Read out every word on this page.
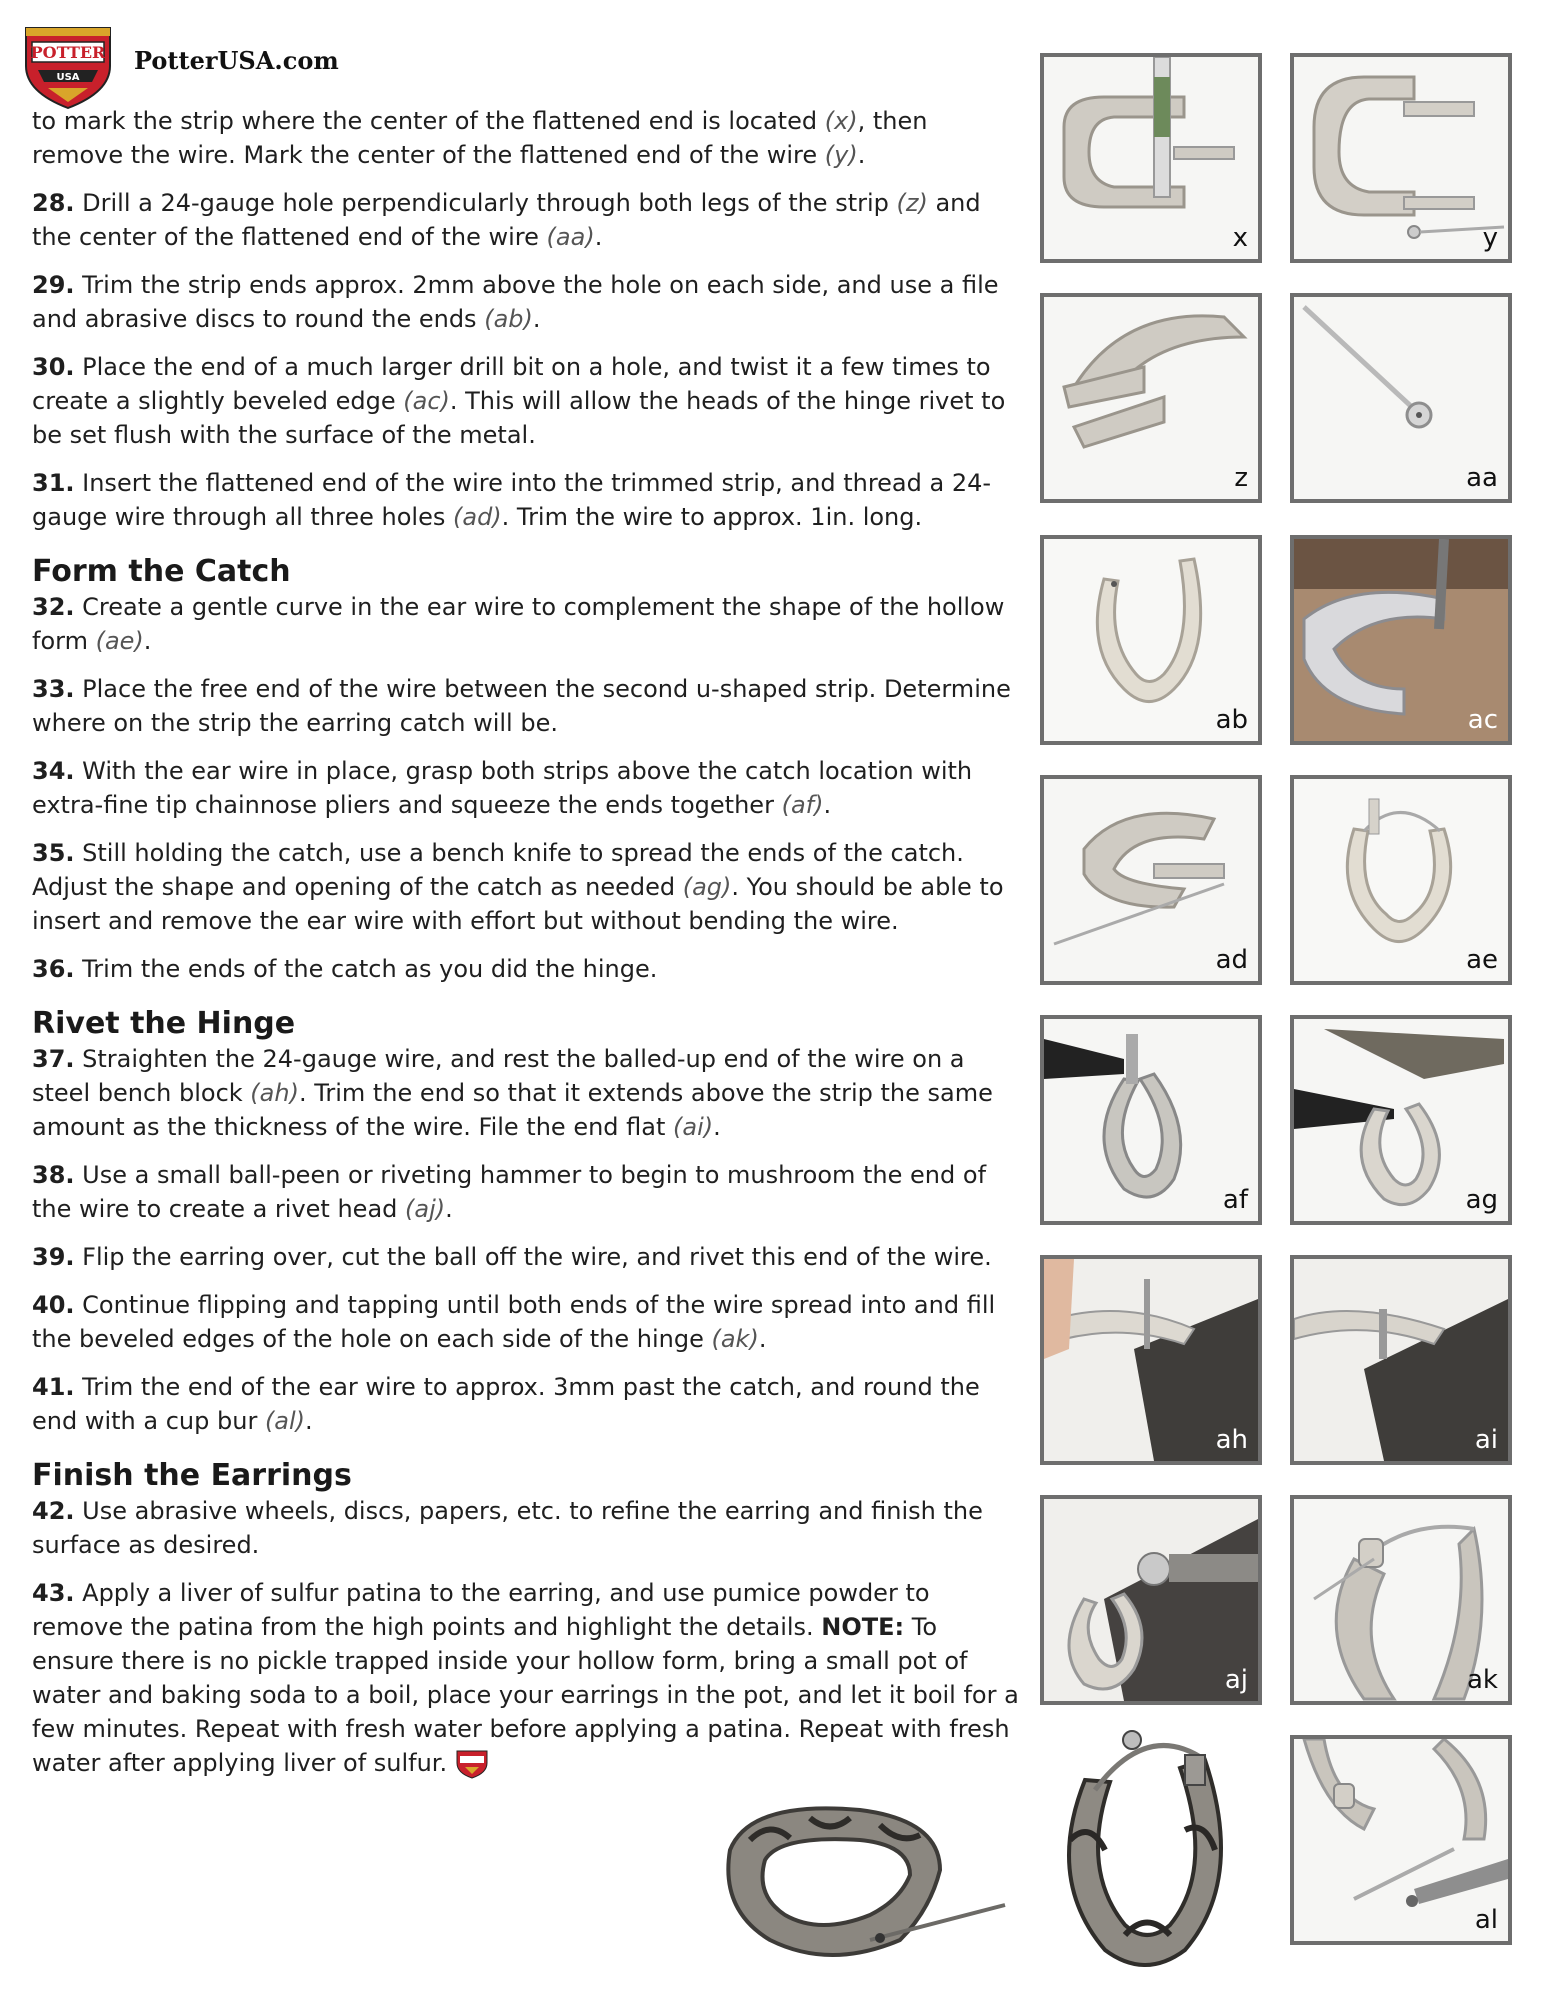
POTTER
USA
PotterUSA.com

to mark the strip where the center of the flattened end is located (x), then remove the wire. Mark the center of the flattened end of the wire (y).

28. Drill a 24-gauge hole perpendicularly through both legs of the strip (z) and the center of the flattened end of the wire (aa).

29. Trim the strip ends approx. 2mm above the hole on each side, and use a file and abrasive discs to round the ends (ab).

30. Place the end of a much larger drill bit on a hole, and twist it a few times to create a slightly beveled edge (ac). This will allow the heads of the hinge rivet to be set flush with the surface of the metal.

31. Insert the flattened end of the wire into the trimmed strip, and thread a 24-gauge wire through all three holes (ad). Trim the wire to approx. 1in. long.

Form the Catch

32. Create a gentle curve in the ear wire to complement the shape of the hollow form (ae).

33. Place the free end of the wire between the second u-shaped strip. Determine where on the strip the earring catch will be.

34. With the ear wire in place, grasp both strips above the catch location with extra-fine tip chainnose pliers and squeeze the ends together (af).

35. Still holding the catch, use a bench knife to spread the ends of the catch. Adjust the shape and opening of the catch as needed (ag). You should be able to insert and remove the ear wire with effort but without bending the wire.

36. Trim the ends of the catch as you did the hinge.

Rivet the Hinge

37. Straighten the 24-gauge wire, and rest the balled-up end of the wire on a steel bench block (ah). Trim the end so that it extends above the strip the same amount as the thickness of the wire. File the end flat (ai).

38. Use a small ball-peen or riveting hammer to begin to mushroom the end of the wire to create a rivet head (aj).

39. Flip the earring over, cut the ball off the wire, and rivet this end of the wire.

40. Continue flipping and tapping until both ends of the wire spread into and fill the beveled edges of the hole on each side of the hinge (ak).

41. Trim the end of the ear wire to approx. 3mm past the catch, and round the end with a cup bur (al).

Finish the Earrings

42. Use abrasive wheels, discs, papers, etc. to refine the earring and finish the surface as desired.

43. Apply a liver of sulfur patina to the earring, and use pumice powder to remove the patina from the high points and highlight the details. NOTE: To ensure there is no pickle trapped inside your hollow form, bring a small pot of water and baking soda to a boil, place your earrings in the pot, and let it boil for a few minutes. Repeat with fresh water before applying a patina. Repeat with fresh water after applying liver of sulfur.

x	y
z	aa
ab	ac
ad	ae
af	ag
ah	ai
aj	ak
al
